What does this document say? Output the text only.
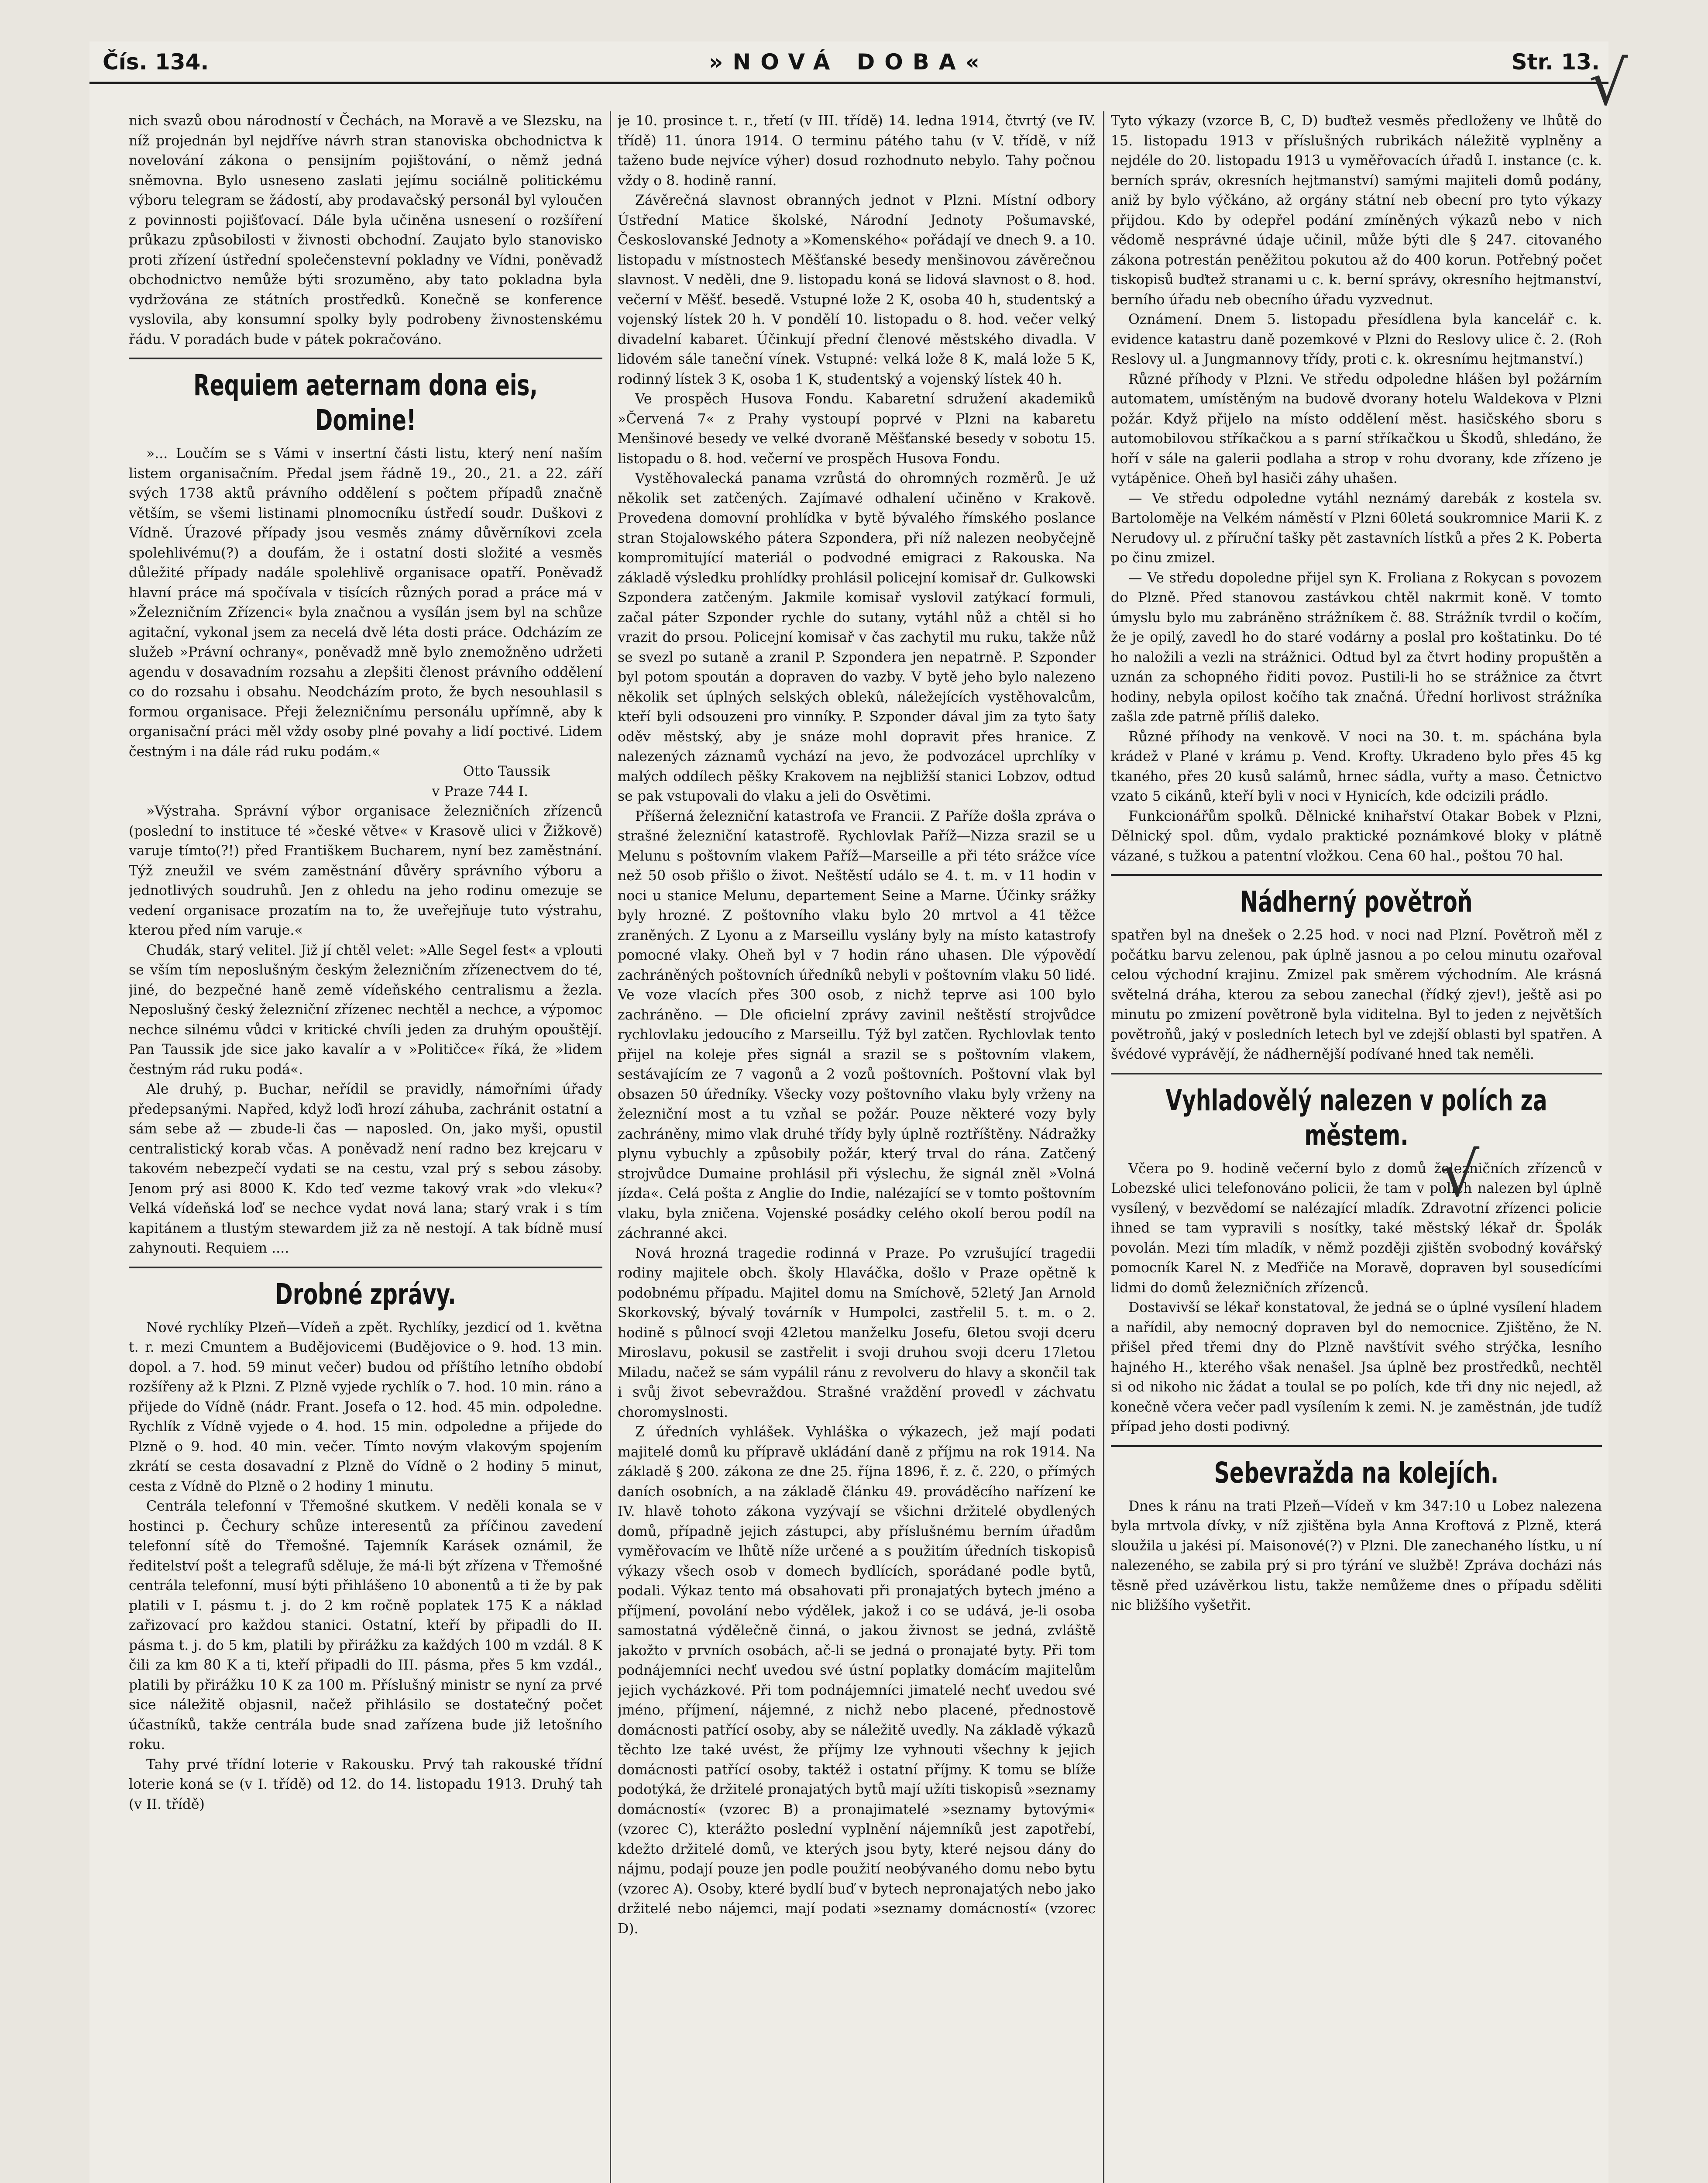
Čís. 134.	»NOVÁ DOBA«	Str. 13.

nich svazů obou národností v Čechách, na Moravě a ve Slezsku, na níž projednán byl nejdříve návrh stran stanoviska obchodnictva k novelování zákona o pensijním pojištování, o němž jedná sněmovna. Bylo usneseno zaslati jejímu sociálně politickému výboru telegram se žádostí, aby prodavačský personál byl vyloučen z povinnosti pojišťovací. Dále byla učiněna usnesení o rozšíření průkazu způsobilosti v živnosti obchodní. Zaujato bylo stanovisko proti zřízení ústřední společenstevní pokladny ve Vídni, poněvadž obchodnictvo nemůže býti srozuměno, aby tato pokladna byla vydržována ze státních prostředků. Konečně se konference vyslovila, aby konsumní spolky byly podrobeny živnostenskému řádu. V poradách bude v pátek pokračováno.

Requiem aeternam dona eis, Domine!

»... Loučím se s Vámi v insertní části listu, který není naším listem organisačním. Předal jsem řádně 19., 20., 21. a 22. září svých 1738 aktů právního oddělení s počtem případů značně větším, se všemi listinami plnomocníku ústředí soudr. Duškovi z Vídně. Úrazové případy jsou vesměs známy důvěrníkovi zcela spolehlivému(?) a doufám, že i ostatní dosti složité a vesměs důležité případy nadále spolehlivě organisace opatří. Poněvadž hlavní práce má spočívala v tisících různých porad a práce má v »Železničním Zřízenci« byla značnou a vysílán jsem byl na schůze agitační, vykonal jsem za necelá dvě léta dosti práce. Odcházím ze služeb »Právní ochrany«, poněvadž mně bylo znemožněno udržeti agendu v dosavadním rozsahu a zlepšiti členost právního oddělení co do rozsahu i obsahu. Neodcházím proto, že bych nesouhlasil s formou organisace. Přeji železničnímu personálu upřímně, aby k organisační práci měl vždy osoby plné povahy a lidí poctivé. Lidem čestným i na dále rád ruku podám.«

Otto Taussik
v Praze 744 I.

»Výstraha. Správní výbor organisace železničních zřízenců (poslední to instituce té »české větve« v Krasově ulici v Žižkově) varuje tímto(?!) před Františkem Bucharem, nyní bez zaměstnání. Týž zneužil ve svém zaměstnání důvěry správního výboru a jednotlivých soudruhů. Jen z ohledu na jeho rodinu omezuje se vedení organisace prozatím na to, že uveřejňuje tuto výstrahu, kterou před ním varuje.«

Chudák, starý velitel. Již jí chtěl velet: »Alle Segel fest« a vplouti se vším tím neposlušným českým železničním zřízenectvem do té, jiné, do bezpečné haně země vídeňského centralismu a žezla. Neposlušný český železniční zřízenec nechtěl a nechce, a výpomoc nechce silnému vůdci v kritické chvíli jeden za druhým opouštějí. Pan Taussik jde sice jako kavalír a v »Političce« říká, že »lidem čestným rád ruku podá«.

Ale druhý, p. Buchar, neřídil se pravidly, námořními úřady předepsanými. Napřed, když loďi hrozí záhuba, zachránit ostatní a sám sebe až — zbude-li čas — naposled. On, jako myši, opustil centralistický korab včas. A poněvadž není radno bez krejcaru v takovém nebezpečí vydati se na cestu, vzal prý s sebou zásoby. Jenom prý asi 8000 K. Kdo teď vezme takový vrak »do vleku«? Velká vídeňská loď se nechce vydat nová lana; starý vrak i s tím kapitánem a tlustým stewardem již za ně nestojí. A tak bídně musí zahynouti. Requiem ....

Drobné zprávy.

Nové rychlíky Plzeň—Vídeň a zpět. Rychlíky, jezdicí od 1. května t. r. mezi Cmuntem a Budějovicemi (Budějovice o 9. hod. 13 min. dopol. a 7. hod. 59 minut večer) budou od příštího letního období rozšířeny až k Plzni. Z Plzně vyjede rychlík o 7. hod. 10 min. ráno a přijede do Vídně (nádr. Frant. Josefa o 12. hod. 45 min. odpoledne. Rychlík z Vídně vyjede o 4. hod. 15 min. odpoledne a přijede do Plzně o 9. hod. 40 min. večer. Tímto novým vlakovým spojením zkrátí se cesta dosavadní z Plzně do Vídně o 2 hodiny 5 minut, cesta z Vídně do Plzně o 2 hodiny 1 minutu.

Centrála telefonní v Třemošné skutkem. V neděli konala se v hostinci p. Čechury schůze interesentů za příčinou zavedení telefonní sítě do Třemošné. Tajemník Karásek oznámil, že ředitelství pošt a telegrafů sděluje, že má-li být zřízena v Třemošné centrála telefonní, musí býti přihlášeno 10 abonentů a ti že by pak platili v I. pásmu t. j. do 2 km ročně poplatek 175 K a náklad zařizovací pro každou stanici. Ostatní, kteří by připadli do II. pásma t. j. do 5 km, platili by přirážku za každých 100 m vzdál. 8 K čili za km 80 K a ti, kteří připadli do III. pásma, přes 5 km vzdál., platili by přirážku 10 K za 100 m. Příslušný ministr se nyní za prvé sice náležitě objasnil, načež přihlásilo se dostatečný počet účastníků, takže centrála bude snad zařízena bude již letošního roku.

Tahy prvé třídní loterie v Rakousku. Prvý tah rakouské třídní loterie koná se (v I. třídě) od 12. do 14. listopadu 1913. Druhý tah (v II. třídě)

je 10. prosince t. r., třetí (v III. třídě) 14. ledna 1914, čtvrtý (ve IV. třídě) 11. února 1914. O terminu pátého tahu (v V. třídě, v níž taženo bude nejvíce výher) dosud rozhodnuto nebylo. Tahy počnou vždy o 8. hodině ranní.

Závěrečná slavnost obranných jednot v Plzni. Místní odbory Ústřední Matice školské, Národní Jednoty Pošumavské, Českoslovanské Jednoty a »Komenského« pořádají ve dnech 9. a 10. listopadu v místnostech Měšťanské besedy menšinovou závěrečnou slavnost. V neděli, dne 9. listopadu koná se lidová slavnost o 8. hod. večerní v Měšť. besedě. Vstupné lože 2 K, osoba 40 h, studentský a vojenský lístek 20 h. V pondělí 10. listopadu o 8. hod. večer velký divadelní kabaret. Účinkují přední členové městského divadla. V lidovém sále taneční vínek. Vstupné: velká lože 8 K, malá lože 5 K, rodinný lístek 3 K, osoba 1 K, studentský a vojenský lístek 40 h.

Ve prospěch Husova Fondu. Kabaretní sdružení akademiků »Červená 7« z Prahy vystoupí poprvé v Plzni na kabaretu Menšinové besedy ve velké dvoraně Měšťanské besedy v sobotu 15. listopadu o 8. hod. večerní ve prospěch Husova Fondu.

Vystěhovalecká panama vzrůstá do ohromných rozměrů. Je už několik set zatčených. Zajímavé odhalení učiněno v Krakově. Provedena domovní prohlídka v bytě bývalého římského poslance stran Stojalowského pátera Szpondera, při níž nalezen neobyčejně kompromitující materiál o podvodné emigraci z Rakouska. Na základě výsledku prohlídky prohlásil policejní komisař dr. Gulkowski Szpondera zatčeným. Jakmile komisař vyslovil zatýkací formuli, začal páter Szponder rychle do sutany, vytáhl nůž a chtěl si ho vrazit do prsou. Policejní komisař v čas zachytil mu ruku, takže nůž se svezl po sutaně a zranil P. Szpondera jen nepatrně. P. Szponder byl potom spoután a dopraven do vazby. V bytě jeho bylo nalezeno několik set úplných selských oblekû, náležejících vystěhovalcům, kteří byli odsouzeni pro vinníky. P. Szponder dával jim za tyto šaty oděv městský, aby je snáze mohl dopravit přes hranice. Z nalezených záznamů vychází na jevo, že podvozácel uprchlíky v malých oddílech pěšky Krakovem na nejbližší stanici Lobzov, odtud se pak vstupovali do vlaku a jeli do Osvětimi.

Příšerná železniční katastrofa ve Francii. Z Paříže došla zpráva o strašné železniční katastrofě. Rychlovlak Paříž—Nizza srazil se u Melunu s poštovním vlakem Paříž—Marseille a při této srážce více než 50 osob přišlo o život. Neštěstí událo se 4. t. m. v 11 hodin v noci u stanice Melunu, departement Seine a Marne. Účinky srážky byly hrozné. Z poštovního vlaku bylo 20 mrtvol a 41 těžce zraněných. Z Lyonu a z Marseillu vyslány byly na místo katastrofy pomocné vlaky. Oheň byl v 7 hodin ráno uhasen. Dle výpovědí zachráněných poštovních úředníků nebyli v poštovním vlaku 50 lidé. Ve voze vlacích přes 300 osob, z nichž teprve asi 100 bylo zachráněno. — Dle oficielní zprávy zavinil neštěstí strojvůdce rychlovlaku jedoucího z Marseillu. Týž byl zatčen. Rychlovlak tento přijel na koleje přes signál a srazil se s poštovním vlakem, sestávajícím ze 7 vagonů a 2 vozů poštovních. Poštovní vlak byl obsazen 50 úředníky. Všecky vozy poštovního vlaku byly vrženy na železniční most a tu vzňal se požár. Pouze některé vozy byly zachráněny, mimo vlak druhé třídy byly úplně roztříštěny. Nádražky plynu vybuchly a způsobily požár, který trval do rána. Zatčený strojvůdce Dumaine prohlásil při výslechu, že signál zněl »Volná jízda«. Celá pošta z Anglie do Indie, nalézající se v tomto poštovním vlaku, byla zničena. Vojenské posádky celého okolí berou podíl na záchranné akci.

Nová hrozná tragedie rodinná v Praze. Po vzrušující tragedii rodiny majitele obch. školy Hlaváčka, došlo v Praze opětně k podobnému případu. Majitel domu na Smíchově, 52letý Jan Arnold Skorkovský, bývalý továrník v Humpolci, zastřelil 5. t. m. o 2. hodině s půlnocí svoji 42letou manželku Josefu, 6letou svoji dceru Miroslavu, pokusil se zastřelit i svoji druhou svoji dceru 17letou Miladu, načež se sám vypálil ránu z revolveru do hlavy a skončil tak i svůj život sebevraždou. Strašné vraždění provedl v záchvatu choromyslnosti.

Z úředních vyhlášek. Vyhláška o výkazech, jež mají podati majitelé domů ku přípravě ukládání daně z příjmu na rok 1914. Na základě § 200. zákona ze dne 25. října 1896, ř. z. č. 220, o přímých daních osobních, a na základě článku 49. prováděcího nařízení ke IV. hlavě tohoto zákona vyzývají se všichni držitelé obydlených domů, případně jejich zástupci, aby příslušnému berním úřadům vyměřovacím ve lhůtě níže určené a s použitím úředních tiskopisů výkazy všech osob v domech bydlících, sporádané podle bytů, podali. Výkaz tento má obsahovati při pronajatých bytech jméno a příjmení, povolání nebo výdělek, jakož i co se udává, je-li osoba samostatná výdělečně činná, o jakou živnost se jedná, zvláště jakožto v prvních osobách, ač-li se jedná o pronajaté byty. Při tom podnájemníci nechť uvedou své ústní poplatky domácím majitelům jejich vycházkové. Při tom podnájemníci jimatelé nechť uvedou své jméno, příjmení, nájemné, z nichž nebo placené, přednostově domácnosti patřící osoby, aby se náležitě uvedly. Na základě výkazů těchto lze také uvést, že příjmy lze vyhnouti všechny k jejich domácnosti patřící osoby, taktéž i ostatní příjmy. K tomu se blíže podotýká, že držitelé pronajatých bytů mají užíti tiskopisů »seznamy domácností« (vzorec B) a pronajimatelé »seznamy bytovými« (vzorec C), kterážto poslední vyplnění nájemníků jest zapotřebí, kdežto držitelé domů, ve kterých jsou byty, které nejsou dány do nájmu, podají pouze jen podle použití neobývaného domu nebo bytu (vzorec A). Osoby, které bydlí buď v bytech nepronajatých nebo jako držitelé nebo nájemci, mají podati »seznamy domácností« (vzorec D).

Tyto výkazy (vzorce B, C, D) buďtež vesměs předloženy ve lhůtě do 15. listopadu 1913 v příslušných rubrikách náležitě vyplněny a nejdéle do 20. listopadu 1913 u vyměřovacích úřadů I. instance (c. k. berních správ, okresních hejtmanství) samými majiteli domů podány, aniž by bylo výčkáno, až orgány státní neb obecní pro tyto výkazy přijdou. Kdo by odepřel podání zmíněných výkazů nebo v nich vědomě nesprávné údaje učinil, může býti dle § 247. citovaného zákona potrestán peněžitou pokutou až do 400 korun. Potřebný počet tiskopisů buďtež stranami u c. k. berní správy, okresního hejtmanství, berního úřadu neb obecního úřadu vyzvednut.

Oznámení. Dnem 5. listopadu přesídlena byla kancelář c. k. evidence katastru daně pozemkové v Plzni do Reslovy ulice č. 2. (Roh Reslovy ul. a Jungmannovy třídy, proti c. k. okresnímu hejtmanství.)

Různé příhody v Plzni. Ve středu odpoledne hlášen byl požárním automatem, umístěným na budově dvorany hotelu Waldekova v Plzni požár. Když přijelo na místo oddělení měst. hasičského sboru s automobilovou stříkačkou a s parní stříkačkou u Škodů, shledáno, že hoří v sále na galerii podlaha a strop v rohu dvorany, kde zřízeno je vytápěnice. Oheň byl hasiči záhy uhašen.

— Ve středu odpoledne vytáhl neznámý darebák z kostela sv. Bartoloměje na Velkém náměstí v Plzni 60letá soukromnice Marii K. z Nerudovy ul. z příruční tašky pět zastavních lístků a přes 2 K. Poberta po činu zmizel.

— Ve středu dopoledne přijel syn K. Froliana z Rokycan s povozem do Plzně. Před stanovou zastávkou chtěl nakrmit koně. V tomto úmyslu bylo mu zabráněno strážníkem č. 88. Strážník tvrdil o kočím, že je opilý, zavedl ho do staré vodárny a poslal pro koštatinku. Do té ho naložili a vezli na strážnici. Odtud byl za čtvrt hodiny propuštěn a uznán za schopného řiditi povoz. Pustili-li ho se strážnice za čtvrt hodiny, nebyla opilost kočího tak značná. Úřední horlivost strážníka zašla zde patrně příliš daleko.

Různé příhody na venkově. V noci na 30. t. m. spáchána byla krádež v Plané v krámu p. Vend. Krofty. Ukradeno bylo přes 45 kg tkaného, přes 20 kusů salámů, hrnec sádla, vuřty a maso. Četnictvo vzato 5 cikánů, kteří byli v noci v Hynicích, kde odcizili prádlo.

Funkcionářům spolků. Dělnické knihařství Otakar Bobek v Plzni, Dělnický spol. dům, vydalo praktické poznámkové bloky v plátně vázané, s tužkou a patentní vložkou. Cena 60 hal., poštou 70 hal.

Nádherný povětroň

spatřen byl na dnešek o 2.25 hod. v noci nad Plzní. Povětroň měl z počátku barvu zelenou, pak úplně jasnou a po celou minutu ozařoval celou východní krajinu. Zmizel pak směrem východním. Ale krásná světelná dráha, kterou za sebou zanechal (řídký zjev!), ještě asi po minutu po zmizení povětroně byla viditelna. Byl to jeden z největších povětroňů, jaký v posledních letech byl ve zdejší oblasti byl spatřen. A švédové vyprávějí, že nádhernější podívané hned tak neměli.

Vyhladovělý nalezen v polích za městem.

Včera po 9. hodině večerní bylo z domů železničních zřízenců v Lobezské ulici telefonováno policii, že tam v polích nalezen byl úplně vysílený, v bezvědomí se nalézající mladík. Zdravotní zřízenci policie ihned se tam vypravili s nosítky, také městský lékař dr. Špolák povolán. Mezi tím mladík, v němž později zjištěn svobodný kovářský pomocník Karel N. z Meďřiče na Moravě, dopraven byl sousedícími lidmi do domů železničních zřízenců.

Dostavivší se lékař konstatoval, že jedná se o úplné vysílení hladem a nařídil, aby nemocný dopraven byl do nemocnice. Zjištěno, že N. přišel před třemi dny do Plzně navštívit svého strýčka, lesního hajného H., kterého však nenašel. Jsa úplně bez prostředků, nechtěl si od nikoho nic žádat a toulal se po polích, kde tři dny nic nejedl, až konečně včera večer padl vysílením k zemi. N. je zaměstnán, jde tudíž případ jeho dosti podivný.

Sebevražda na kolejích.

Dnes k ránu na trati Plzeň—Vídeň v km 347:10 u Lobez nalezena byla mrtvola dívky, v níž zjištěna byla Anna Kroftová z Plzně, která sloužila u jakési pí. Maisonové(?) v Plzni. Dle zanechaného lístku, u ní nalezeného, se zabila prý si pro týrání ve službě! Zpráva docházi nás těsně před uzávěrkou listu, takže nemůžeme dnes o případu sděliti nic bližšího vyšetřit.

√
√
